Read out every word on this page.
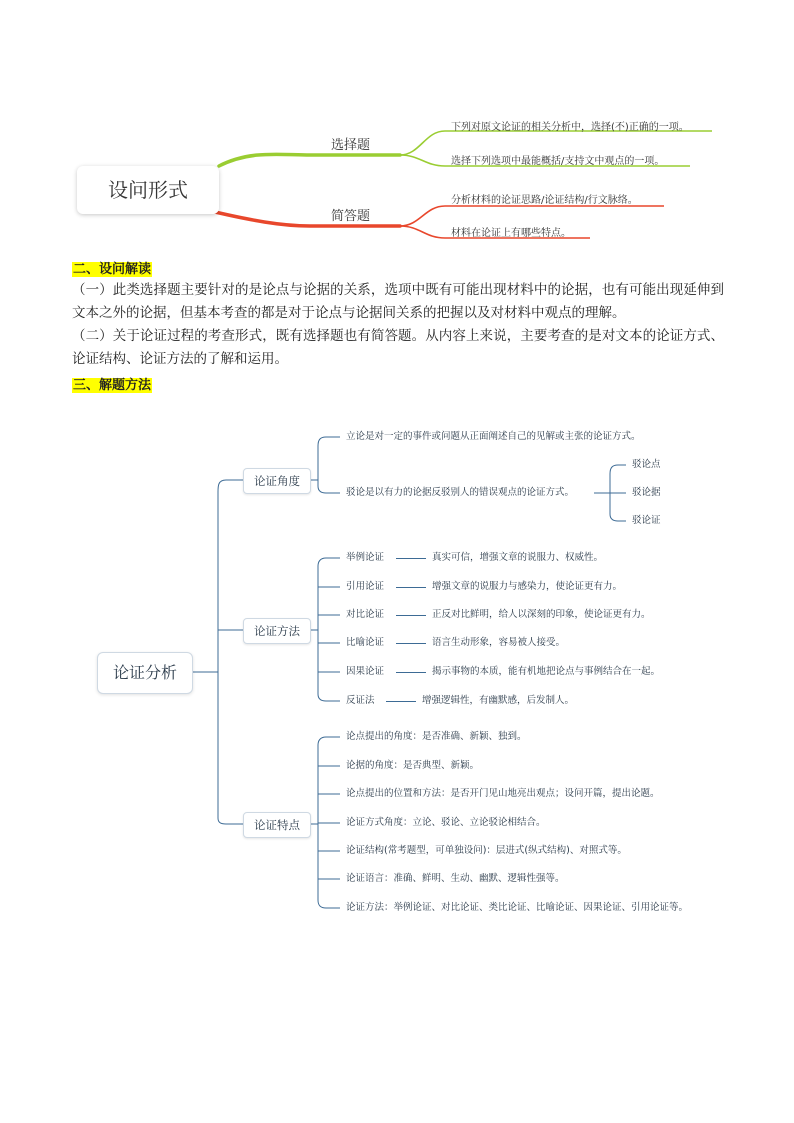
设问形式
选择题
简答题
下列对原文论证的相关分析中，选择(不)正确的一项。
选择下列选项中最能概括/支持文中观点的一项。
分析材料的论证思路/论证结构/行文脉络。
材料在论证上有哪些特点。
二、设问解读
（一）此类选择题主要针对的是论点与论据的关系，选项中既有可能出现材料中的论据，也有可能出现延伸到文本之外的论据，但基本考查的都是对于论点与论据间关系的把握以及对材料中观点的理解。
（二）关于论证过程的考查形式，既有选择题也有简答题。从内容上来说，主要考查的是对文本的论证方式、论证结构、论证方法的了解和运用。
三、解题方法
论证分析
论证角度
论证方法
论证特点
立论是对一定的事件或问题从正面阐述自己的见解或主张的论证方式。
驳论是以有力的论据反驳别人的错误观点的论证方式。
驳论点
驳论据
驳论证
举例论证	真实可信，增强文章的说服力、权威性。
引用论证	增强文章的说服力与感染力，使论证更有力。
对比论证	正反对比鲜明，给人以深刻的印象，使论证更有力。
比喻论证	语言生动形象，容易被人接受。
因果论证	揭示事物的本质，能有机地把论点与事例结合在一起。
反证法	增强逻辑性，有幽默感，后发制人。
论点提出的角度：是否准确、新颖、独到。
论据的角度：是否典型、新颖。
论点提出的位置和方法：是否开门见山地亮出观点；设问开篇，提出论题。
论证方式角度：立论、驳论、立论驳论相结合。
论证结构(常考题型，可单独设问)：层进式(纵式结构)、对照式等。
论证语言：准确、鲜明、生动、幽默、逻辑性强等。
论证方法：举例论证、对比论证、类比论证、比喻论证、因果论证、引用论证等。
